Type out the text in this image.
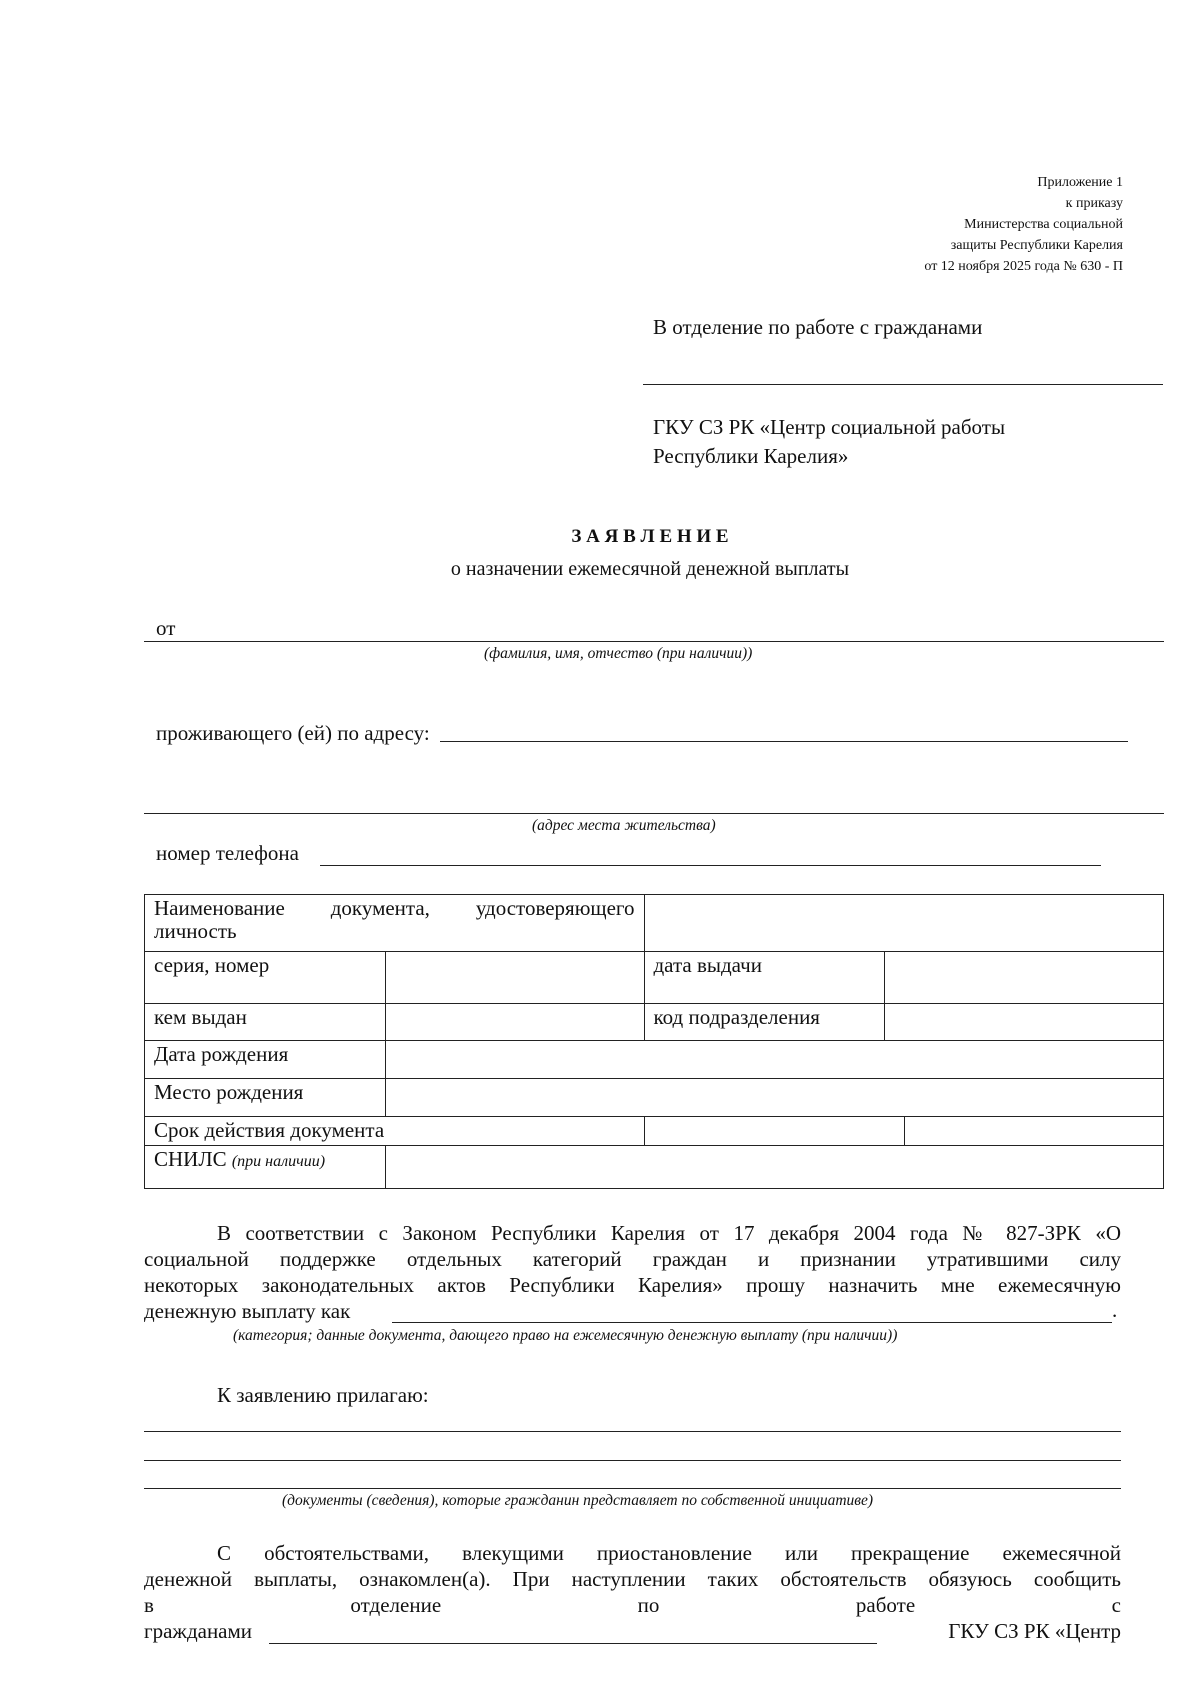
Приложение 1
к приказу
Министерства социальной
защиты Республики Карелия
от 12 ноября 2025 года № 630 - П
В отделение по работе с гражданами
ГКУ СЗ РК «Центр социальной работы
Республики Карелия»
З А Я В Л Е Н И Е
о назначении ежемесячной денежной выплаты
от
(фамилия, имя, отчество (при наличии))
проживающего (ей) по адресу:
(адрес места жительства)
номер телефона
Наименование документа, удостоверяющего личность				
серия, номер		дата выдачи		
кем выдан		код подразделения		
Дата рождения				
Место рождения				
Срок действия документа				
СНИЛС (при наличии)				
В соответствии с Законом Республики Карелия от 17 декабря 2004 года № 827-ЗРК «О
социальной поддержке отдельных категорий граждан и признании утратившими силу
некоторых законодательных актов Республики Карелия» прошу назначить мне ежемесячную
денежную выплату как	.
(категория; данные документа, дающего право на ежемесячную денежную выплату (при наличии))
К заявлению прилагаю:
(документы (сведения), которые гражданин представляет по собственной инициативе)
С обстоятельствами, влекущими приостановление или прекращение ежемесячной
денежной выплаты, ознакомлен(а). При наступлении таких обстоятельств обязуюсь сообщить
в отделение по работе с
гражданами	ГКУ СЗ РК «Центр
